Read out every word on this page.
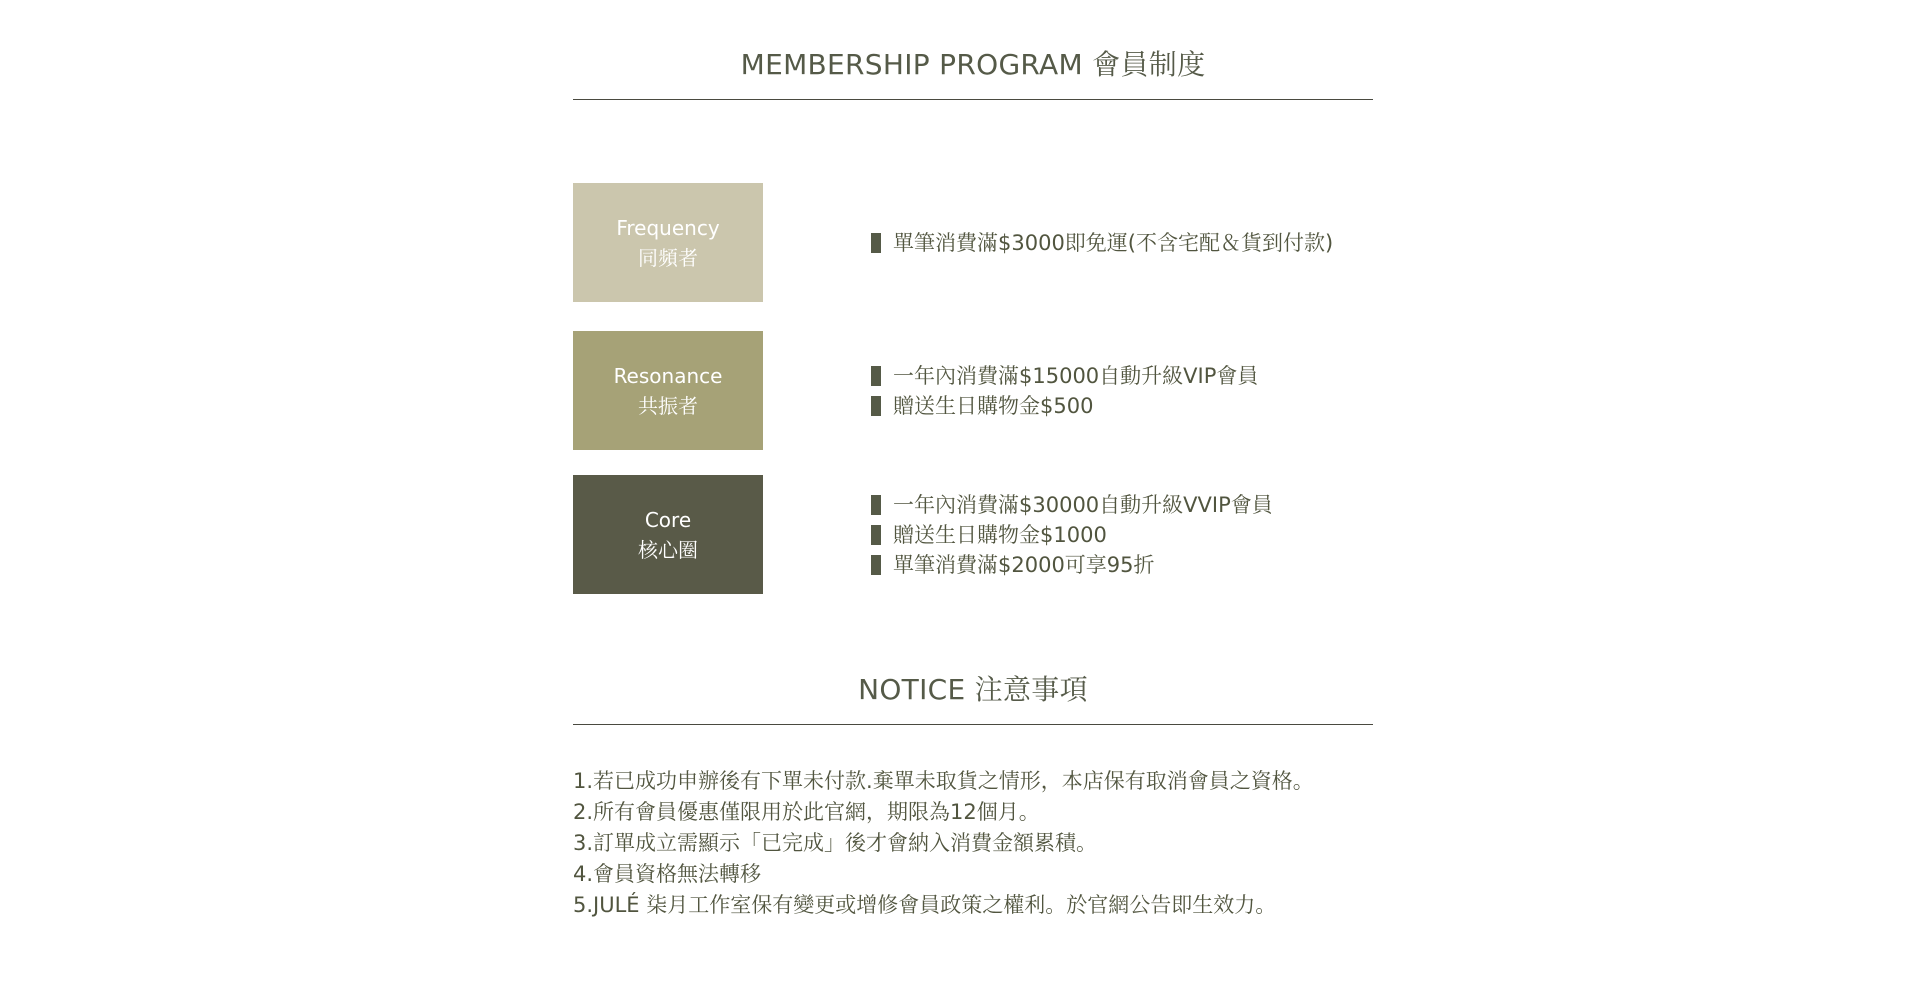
MEMBERSHIP PROGRAM 會員制度
Frequency
同頻者
單筆消費滿$3000即免運(不含宅配＆貨到付款)
Resonance
共振者
一年內消費滿$15000自動升級VIP會員
贈送生日購物金$500
Core
核心圈
一年內消費滿$30000自動升級VVIP會員
贈送生日購物金$1000
單筆消費滿$2000可享95折
NOTICE 注意事項
1.若已成功申辦後有下單未付款.棄單未取貨之情形，本店保有取消會員之資格。
2.所有會員優惠僅限用於此官網，期限為12個月。
3.訂單成立需顯示「已完成」後才會納入消費金額累積。
4.會員資格無法轉移
5.JULÉ 柒月工作室保有變更或增修會員政策之權利。於官網公告即生效力。
